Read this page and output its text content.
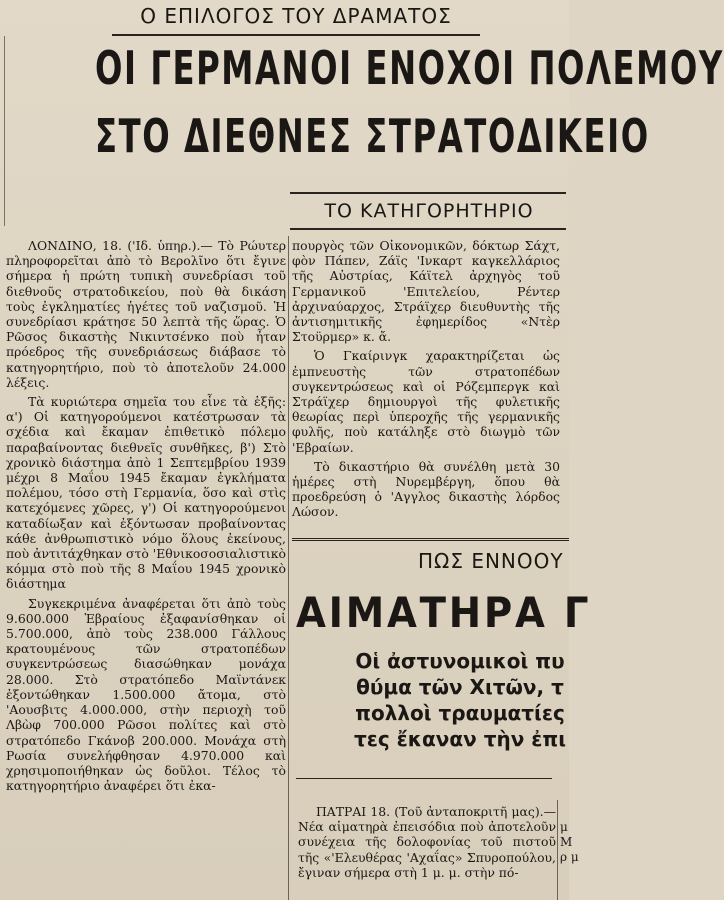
Ο ΕΠΙΛΟΓΟΣ ΤΟΥ ΔΡΑΜΑΤΟΣ
ΟΙ ΓΕΡΜΑΝΟΙ ΕΝΟΧΟΙ ΠΟΛΕΜΟΥ
ΣΤΟ ΔΙΕΘΝΕΣ ΣΤΡΑΤΟΔΙΚΕΙΟ
ΤΟ ΚΑΤΗΓΟΡΗΤΗΡΙΟ

ΛΟΝΔΙΝΟ, 18. ('Ιδ. ὑπηρ.).— Τὸ Ρώυτερ πληροφορεῖται ἀπὸ τὸ Βερολῖνο ὅτι ἔγινε σήμερα ἡ πρώτη τυπικὴ συνεδρίασι τοῦ διεθνοῦς στρατοδικείου, ποὺ θὰ δικάση τοὺς ἐγκληματίες ἡγέτες τοῦ ναζισμοῦ. Ἡ συνεδρίασι κράτησε 50 λεπτὰ τῆς ὥρας. Ὁ Ρῶσος δικαστὴς Νικιντσένκο ποὺ ἦταν πρόεδρος τῆς συνεδριάσεως διάβασε τὸ κατηγορητήριο, ποὺ τὸ ἀποτελοῦν 24.000 λέξεις.

Τὰ κυριώτερα σημεῖα του εἶνε τὰ ἑξῆς: α') Οἱ κατηγορούμενοι κατέστρωσαν τὰ σχέδια καὶ ἔκαμαν ἐπιθετικὸ πόλεμο παραβαίνοντας διεθνεῖς συνθῆκες, β') Στὸ χρονικὸ διάστημα ἀπὸ 1 Σεπτεμβρίου 1939 μέχρι 8 Μαΐου 1945 ἔκαμαν ἐγκλήματα πολέμου, τόσο στὴ Γερμανία, ὅσο καὶ στὶς κατεχόμενες χῶρες, γ') Οἱ κατηγορούμενοι καταδίωξαν καὶ ἐξόντωσαν προβαίνοντας κάθε ἀνθρωπιστικὸ νόμο ὅλους ἐκείνους, ποὺ ἀντιτάχθηκαν στὸ 'Εθνικοσοσιαλιστικὸ κόμμα στὸ ποὺ τῆς 8 Μαΐου 1945 χρονικὸ διάστημα

Συγκεκριμένα ἀναφέρεται ὅτι ἀπὸ τοὺς 9.600.000 Ἑβραίους ἐξαφανίσθηκαν οἱ 5.700.000, ἀπὸ τοὺς 238.000 Γάλλους κρατουμένους τῶν στρατοπέδων συγκεντρώσεως διασώθηκαν μονάχα 28.000. Στὸ στρατόπεδο Μαϊντάνεκ ἐξοντώθηκαν 1.500.000 ἄτομα, στὸ 'Αουσβιτς 4.000.000, στὴν περιοχὴ τοῦ Λβὼφ 700.000 Ρῶσοι πολίτες καὶ στὸ στρατόπεδο Γκάνοβ 200.000. Μονάχα στὴ Ρωσία συνελήφθησαν 4.970.000 καὶ χρησιμοποιήθηκαν ὡς δοῦλοι. Τέλος τὸ κατηγορητήριο ἀναφέρει ὅτι ἐκα-

πουργὸς τῶν Οἰκονομικῶν, δόκτωρ Σάχτ, φὸν Πάπεν, Ζάϊς 'Ινκαρτ καγκελλάριος τῆς Αὐστρίας, Κάϊτελ ἀρχηγὸς τοῦ Γερμανικοῦ 'Επιτελείου, Ρέντερ ἀρχιναύαρχος, Στράϊχερ διευθυντὴς τῆς ἀντισημιτικῆς ἐφημερίδος «Ντὲρ Στοϋρμερ» κ. ἄ.

Ὁ Γκαίρινγκ χαρακτηρίζεται ὡς ἐμπνευστὴς τῶν στρατοπέδων συγκεντρώσεως καὶ οἱ Ρόζεμπεργκ καὶ Στράϊχερ δημιουργοὶ τῆς φυλετικῆς θεωρίας περὶ ὑπεροχῆς τῆς γερμανικῆς φυλῆς, ποὺ κατάληξε στὸ διωγμὸ τῶν 'Εβραίων.

Τὸ δικαστήριο θὰ συνέλθη μετὰ 30 ἡμέρες στὴ Νυρεμβέργη, ὅπου θὰ προεδρεύση ὁ 'Αγγλος δικαστὴς λόρδος Λώσον.

ΠΩΣ ΕΝΝΟΟΥ
ΑΙΜΑΤΗΡΑ Γ
Οἱ ἀστυνομικοὶ πυ
θύμα τῶν Χιτῶν, τ
πολλοὶ τραυματίες
τες ἔκαναν τὴν ἐπι

ΠΑΤΡΑΙ 18. (Τοῦ ἀνταποκριτῆ μας).— Νέα αἱματηρὰ ἐπεισόδια ποὺ ἀποτελοῦν συνέχεια τῆς δολοφονίας τοῦ πιστοῦ τῆς «'Ελευθέρας 'Αχαΐας» Σπυροπούλου, ἔγιναν σήμερα στὴ 1 μ. μ. στὴν πό-

μ M ρ μ
